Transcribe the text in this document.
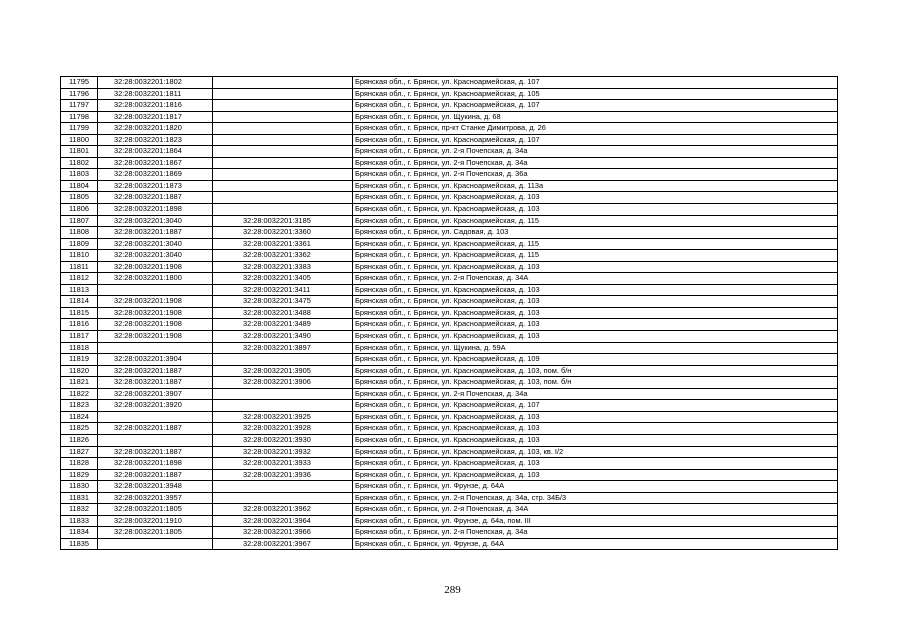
11795	32:28:0032201:1802		Брянская обл., г. Брянск, ул. Красноармейская, д. 107
11796	32:28:0032201:1811		Брянская обл., г. Брянск, ул. Красноармейская, д. 105
11797	32:28:0032201:1816		Брянская обл., г. Брянск, ул. Красноармейская, д. 107
11798	32:28:0032201:1817		Брянская обл., г. Брянск, ул. Щукина, д. 68
11799	32:28:0032201:1820		Брянская обл., г. Брянск, пр-кт Станке Димитрова, д. 26
11800	32:28:0032201:1823		Брянская обл., г. Брянск, ул. Красноармейская, д. 107
11801	32:28:0032201:1864		Брянская обл., г. Брянск, ул. 2-я Почепская, д. 34а
11802	32:28:0032201:1867		Брянская обл., г. Брянск, ул. 2-я Почепская, д. 34а
11803	32:28:0032201:1869		Брянская обл., г. Брянск, ул. 2-я Почепская, д. 36а
11804	32:28:0032201:1873		Брянская обл., г. Брянск, ул. Красноармейская, д. 113а
11805	32:28:0032201:1887		Брянская обл., г. Брянск, ул. Красноармейская, д. 103
11806	32:28:0032201:1898		Брянская обл., г. Брянск, ул. Красноармейская, д. 103
11807	32:28:0032201:3040	32:28:0032201:3185	Брянская обл., г. Брянск, ул. Красноармейская, д. 115
11808	32:28:0032201:1887	32:28:0032201:3360	Брянская обл., г. Брянск, ул. Садовая, д. 103
11809	32:28:0032201:3040	32:28:0032201:3361	Брянская обл., г. Брянск, ул. Красноармейская, д. 115
11810	32:28:0032201:3040	32:28:0032201:3362	Брянская обл., г. Брянск, ул. Красноармейская, д. 115
11811	32:28:0032201:1908	32:28:0032201:3383	Брянская обл., г. Брянск, ул. Красноармейская, д. 103
11812	32:28:0032201:1800	32:28:0032201:3405	Брянская обл., г. Брянск, ул. 2-я Почепская, д. 34А
11813		32:28:0032201:3411	Брянская обл., г. Брянск, ул. Красноармейская, д. 103
11814	32:28:0032201:1908	32:28:0032201:3475	Брянская обл., г. Брянск, ул. Красноармейская, д. 103
11815	32:28:0032201:1908	32:28:0032201:3488	Брянская обл., г. Брянск, ул. Красноармейская, д. 103
11816	32:28:0032201:1908	32:28:0032201:3489	Брянская обл., г. Брянск, ул. Красноармейская, д. 103
11817	32:28:0032201:1908	32:28:0032201:3490	Брянская обл., г. Брянск, ул. Красноармейская, д. 103
11818		32:28:0032201:3897	Брянская обл., г. Брянск, ул. Щукина, д. 59А
11819	32:28:0032201:3904		Брянская обл., г. Брянск, ул. Красноармейская, д. 109
11820	32:28:0032201:1887	32:28:0032201:3905	Брянская обл., г. Брянск, ул. Красноармейская, д. 103, пом. б/н
11821	32:28:0032201:1887	32:28:0032201:3906	Брянская обл., г. Брянск, ул. Красноармейская, д. 103, пом. б/н
11822	32:28:0032201:3907		Брянская обл., г. Брянск, ул. 2-я Почепская, д. 34а
11823	32:28:0032201:3920		Брянская обл., г. Брянск, ул. Красноармейская, д. 107
11824		32:28:0032201:3925	Брянская обл., г. Брянск, ул. Красноармейская, д. 103
11825	32:28:0032201:1887	32:28:0032201:3928	Брянская обл., г. Брянск, ул. Красноармейская, д. 103
11826		32:28:0032201:3930	Брянская обл., г. Брянск, ул. Красноармейская, д. 103
11827	32:28:0032201:1887	32:28:0032201:3932	Брянская обл., г. Брянск, ул. Красноармейская, д. 103, кв. I/2
11828	32:28:0032201:1898	32:28:0032201:3933	Брянская обл., г. Брянск, ул. Красноармейская, д. 103
11829	32:28:0032201:1887	32:28:0032201:3936	Брянская обл., г. Брянск, ул. Красноармейская, д. 103
11830	32:28:0032201:3948		Брянская обл., г. Брянск, ул. Фрунзе, д. 64А
11831	32:28:0032201:3957		Брянская обл., г. Брянск, ул. 2-я Почепская, д. 34а, стр. 34Б/3
11832	32:28:0032201:1805	32:28:0032201:3962	Брянская обл., г. Брянск, ул. 2-я Почепская, д. 34А
11833	32:28:0032201:1910	32:28:0032201:3964	Брянская обл., г. Брянск, ул. Фрунзе, д. 64а, пом. III
11834	32:28:0032201:1805	32:28:0032201:3966	Брянская обл., г. Брянск, ул. 2-я Почепская, д. 34а
11835		32:28:0032201:3967	Брянская обл., г. Брянск, ул. Фрунзе, д. 64А
289
